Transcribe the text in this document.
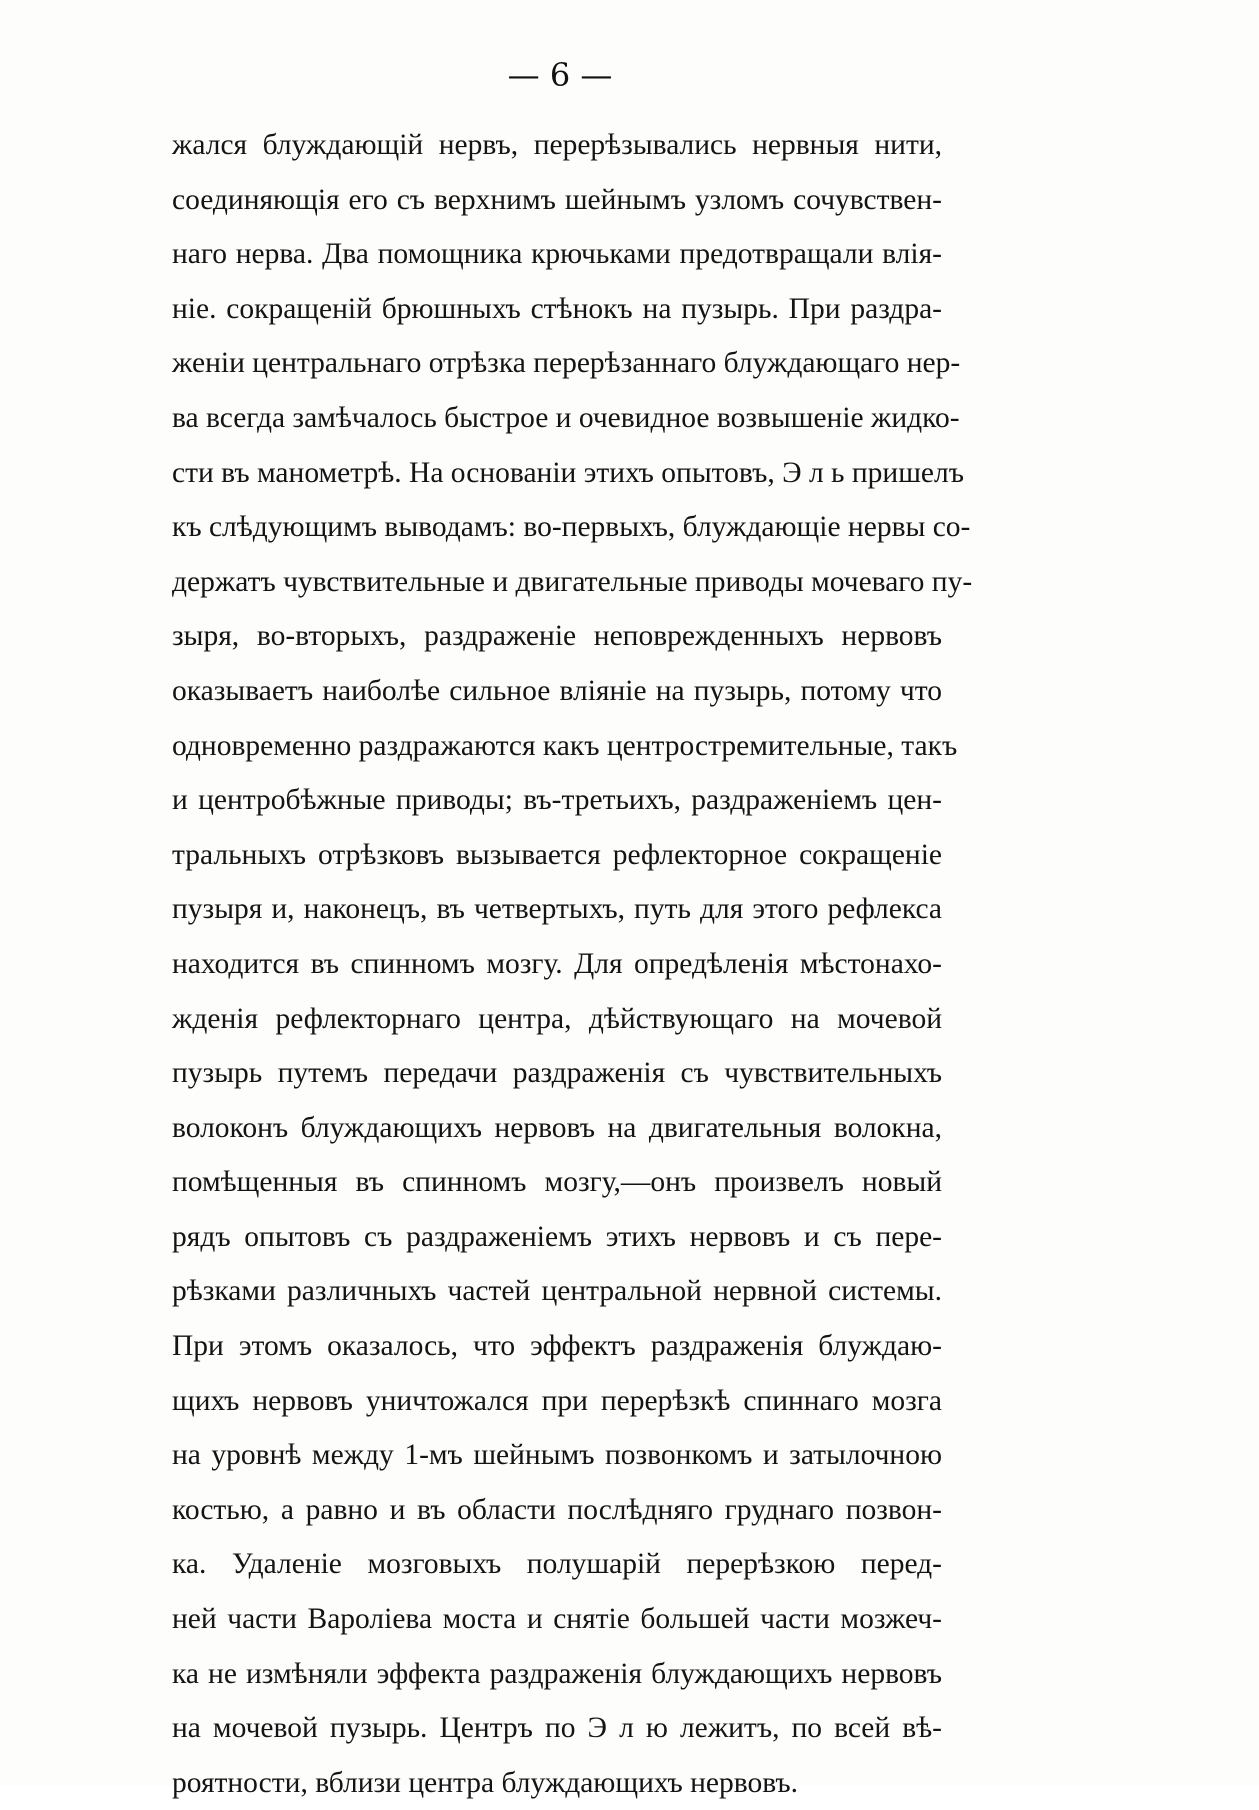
— 6 —
жался блуждающій нервъ, перерѣзывались нервныя нити,
соединяющія его съ верхнимъ шейнымъ узломъ сочувствен-
наго нерва. Два помощника крючьками предотвращали влія-
ніе. сокращеній брюшныхъ стѣнокъ на пузырь. При раздра-
женіи центральнаго отрѣзка перерѣзаннаго блуждающаго нер-
ва всегда замѣчалось быстрое и очевидное возвышеніе жидко-
сти въ манометрѣ. На основаніи этихъ опытовъ, Э л ь пришелъ
къ слѣдующимъ выводамъ: во-первыхъ, блуждающіе нервы со-
держатъ чувствительные и двигательные приводы мочеваго пу-
зыря, во-вторыхъ, раздраженіе неповрежденныхъ нервовъ
оказываетъ наиболѣе сильное вліяніе на пузырь, потому что
одновременно раздражаются какъ центростремительные, такъ
и центробѣжные приводы; въ-третьихъ, раздраженіемъ цен-
тральныхъ отрѣзковъ вызывается рефлекторное сокращеніе
пузыря и, наконецъ, въ четвертыхъ, путь для этого рефлекса
находится въ спинномъ мозгу. Для опредѣленія мѣстонахо-
жденія рефлекторнаго центра, дѣйствующаго на мочевой
пузырь путемъ передачи раздраженія съ чувствительныхъ
волоконъ блуждающихъ нервовъ на двигательныя волокна,
помѣщенныя въ спинномъ мозгу,—онъ произвелъ новый
рядъ опытовъ съ раздраженіемъ этихъ нервовъ и съ пере-
рѣзками различныхъ частей центральной нервной системы.
При этомъ оказалось, что эффектъ раздраженія блуждаю-
щихъ нервовъ уничтожался при перерѣзкѣ спиннаго мозга
на уровнѣ между 1-мъ шейнымъ позвонкомъ и затылочною
костью, а равно и въ области послѣдняго груднаго позвон-
ка. Удаленіе мозговыхъ полушарій перерѣзкою перед-
ней части Вароліева моста и снятіе большей части мозжеч-
ка не измѣняли эффекта раздраженія блуждающихъ нервовъ
на мочевой пузырь. Центръ по Э л ю лежитъ, по всей вѣ-
роятности, вблизи центра блуждающихъ нервовъ.
